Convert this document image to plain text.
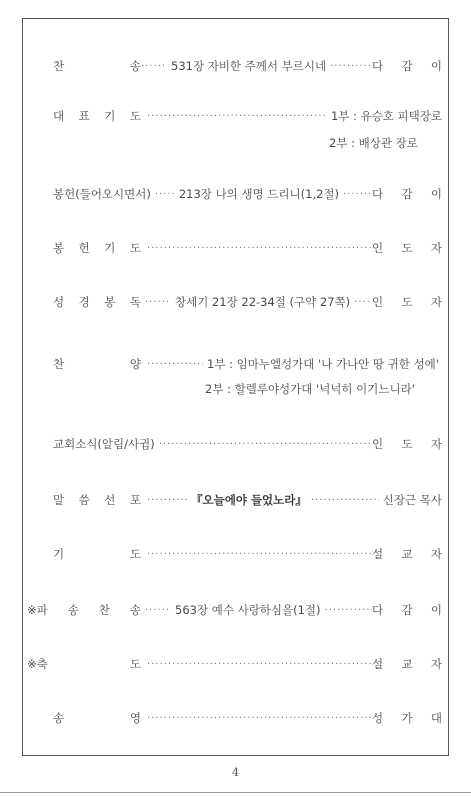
찬	송 ·····	531장 자비한 주께서 부르시네 ·····	다 감 이
대 표 기 도 ·····	1부 : 유승호 피택장로
2부 : 배상관 장로
봉헌(들어오시면서) ·····	213장 나의 생명 드리니(1,2절) ·····	다 감 이
봉 헌 기 도 ·····	인 도 자
성 경 봉 독 ·····	창세기 21장 22-34절 (구약 27쪽) ·····	인 도 자
찬	양 ·····	1부 : 임마누엘성가대 '나 가나안 땅 귀한 성에'
2부 : 할렐루야성가대 '넉넉히 이기느니라'
교회소식(알림/사귐) ·····	인 도 자
말 씀 선 포 ·····	『오늘에야 들었노라』 ·····	신장근 목사
기	도 ·····	설 교 자
※파 송 찬 송 ·····	563장 예수 사랑하심을(1절) ·····	다 감 이
※축	도 ·····	설 교 자
송	영 ·····	성 가 대
4
